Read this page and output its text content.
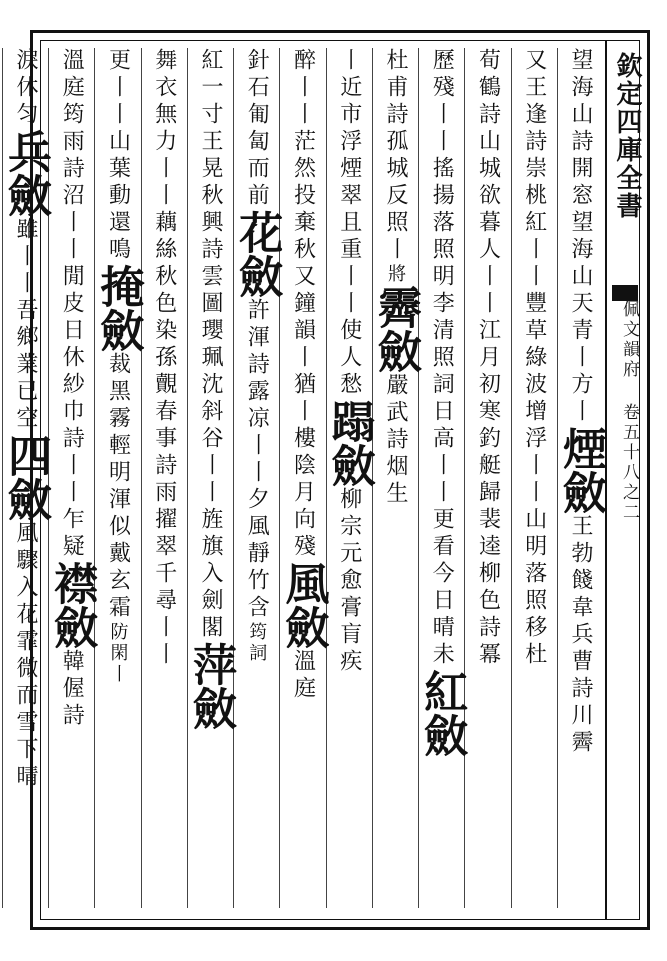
欽定四庫全書
佩文韻府 卷五十八之二
望海山詩開窓望海山天青丨方丨煙斂王勃餞韋兵曹詩川霽
又王逢詩崇桃紅丨丨豐草綠波增浮丨丨山明落照移杜
荀鶴詩山城欲暮人丨丨江月初寒釣艇歸裴逵柳色詩冪
歷殘丨丨搖揚落照明李清照詞日高丨丨更看今日晴未紅斂
杜甫詩孤城反照丨將霽斂嚴武詩烟生
丨近市浮煙翠且重丨丨使人愁蹋斂柳宗元愈膏肓疾
醉丨丨茫然投棄秋又鐘韻丨猶丨樓陰月向殘風斂溫庭
針石匍匐而前花斂許渾詩露凉丨丨夕風靜竹含筠詞
紅一寸王晃秋興詩雲圖瓔珮沈斜谷丨丨旌旗入劍閣萍斂
舞衣無力丨丨藕絲秋色染孫覿春事詩雨擢翠千尋丨丨
更丨丨山葉動還鳴掩斂裁黑霧輕明渾似戴玄霜防閑丨
溫庭筠雨詩沼丨丨閒皮日休紗巾詩丨丨乍疑襟斂韓偓詩
淚休匀兵斂雖丨丨吾鄉業已空四斂風驟入花霏微而雪下晴
